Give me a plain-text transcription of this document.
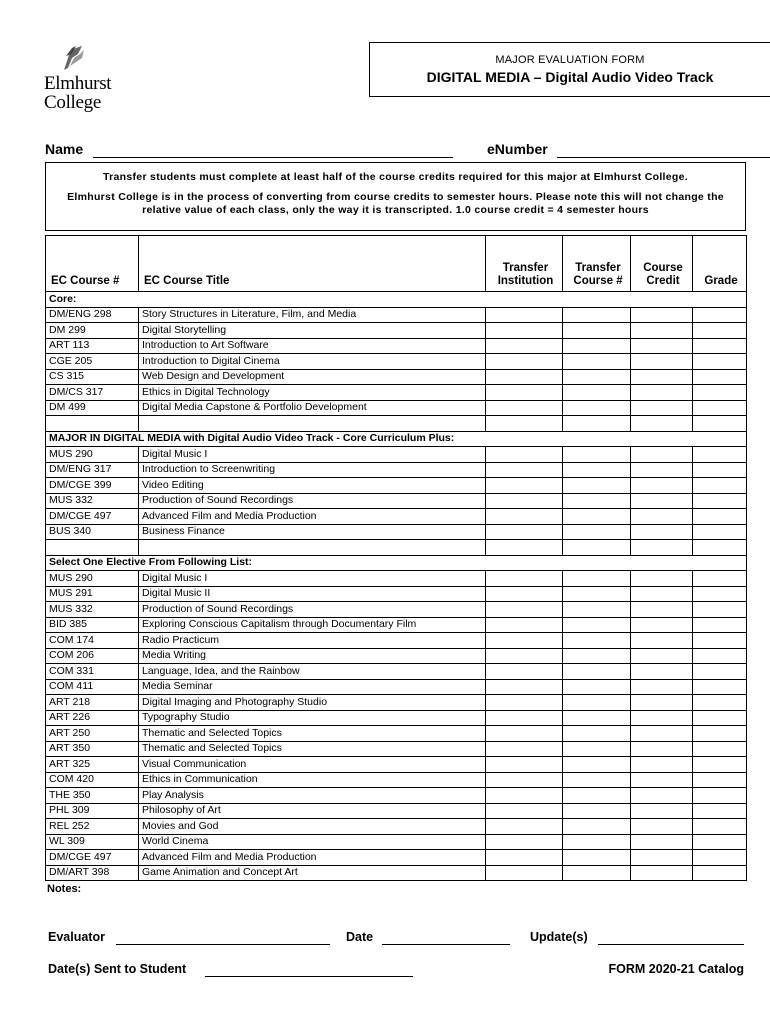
Elmhurst
College
MAJOR EVALUATION FORM
DIGITAL MEDIA – Digital Audio Video Track
Name	eNumber

Transfer students must complete at least half of the course credits required for this major at Elmhurst College.

Elmhurst College is in the process of converting from course credits to semester hours. Please note this will not change the relative value of each class, only the way it is transcripted. 1.0 course credit = 4 semester hours

EC Course #	EC Course Title	Transfer Institution	Transfer Course #	Course Credit	Grade
Core:					
DM/ENG 298	Story Structures in Literature, Film, and Media				
DM 299	Digital Storytelling				
ART 113	Introduction to Art Software				
CGE 205	Introduction to Digital Cinema				
CS 315	Web Design and Development				
DM/CS 317	Ethics in Digital Technology				
DM 499	Digital Media Capstone & Portfolio Development				

MAJOR IN DIGITAL MEDIA with Digital Audio Video Track - Core Curriculum Plus:					
MUS 290	Digital Music I				
DM/ENG 317	Introduction to Screenwriting				
DM/CGE 399	Video Editing				
MUS 332	Production of Sound Recordings				
DM/CGE 497	Advanced Film and Media Production				
BUS 340	Business Finance				

Select One Elective From Following List:					
MUS 290	Digital Music I				
MUS 291	Digital Music II				
MUS 332	Production of Sound Recordings				
BID 385	Exploring Conscious Capitalism through Documentary Film				
COM 174	Radio Practicum				
COM 206	Media Writing				
COM 331	Language, Idea, and the Rainbow				
COM 411	Media Seminar				
ART 218	Digital Imaging and Photography Studio				
ART 226	Typography Studio				
ART 250	Thematic and Selected Topics				
ART 350	Thematic and Selected Topics				
ART 325	Visual Communication				
COM 420	Ethics in Communication				
THE 350	Play Analysis				
PHL 309	Philosophy of Art				
REL 252	Movies and God				
WL 309	World Cinema				
DM/CGE 497	Advanced Film and Media Production				
DM/ART 398	Game Animation and Concept Art				
Notes:
Evaluator	Date	Update(s)
Date(s) Sent to Student	FORM 2020-21 Catalog
